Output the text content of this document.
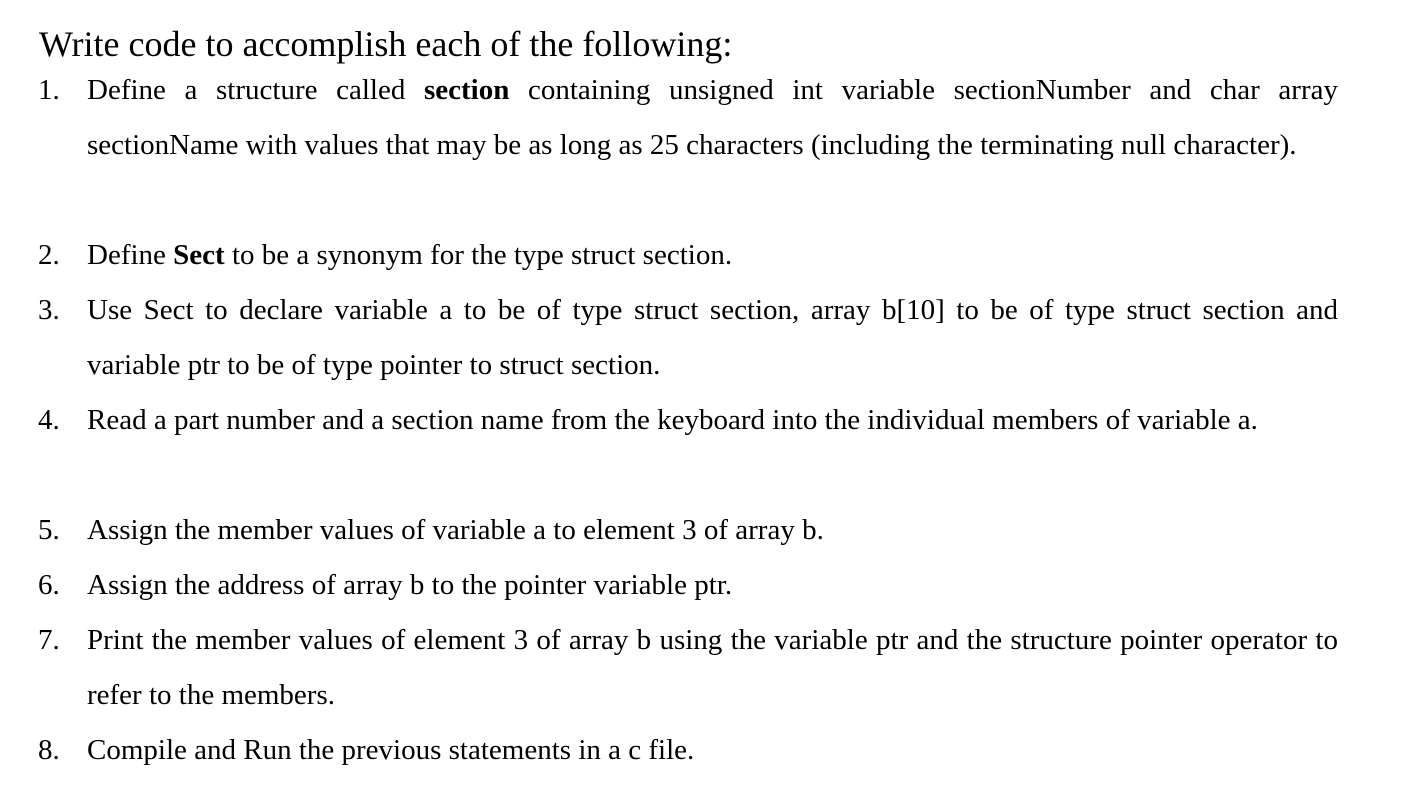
Write code to accomplish each of the following:
1. Define a structure called section containing unsigned int variable sectionNumber and char array sectionName with values that may be as long as 25 characters (including the terminating null character).
2. Define Sect to be a synonym for the type struct section.
3. Use Sect to declare variable a to be of type struct section, array b[10] to be of type struct section and variable ptr to be of type pointer to struct section.
4. Read a part number and a section name from the keyboard into the individual members of variable a.
5. Assign the member values of variable a to element 3 of array b.
6. Assign the address of array b to the pointer variable ptr.
7. Print the member values of element 3 of array b using the variable ptr and the structure pointer operator to refer to the members.
8. Compile and Run the previous statements in a c file.
